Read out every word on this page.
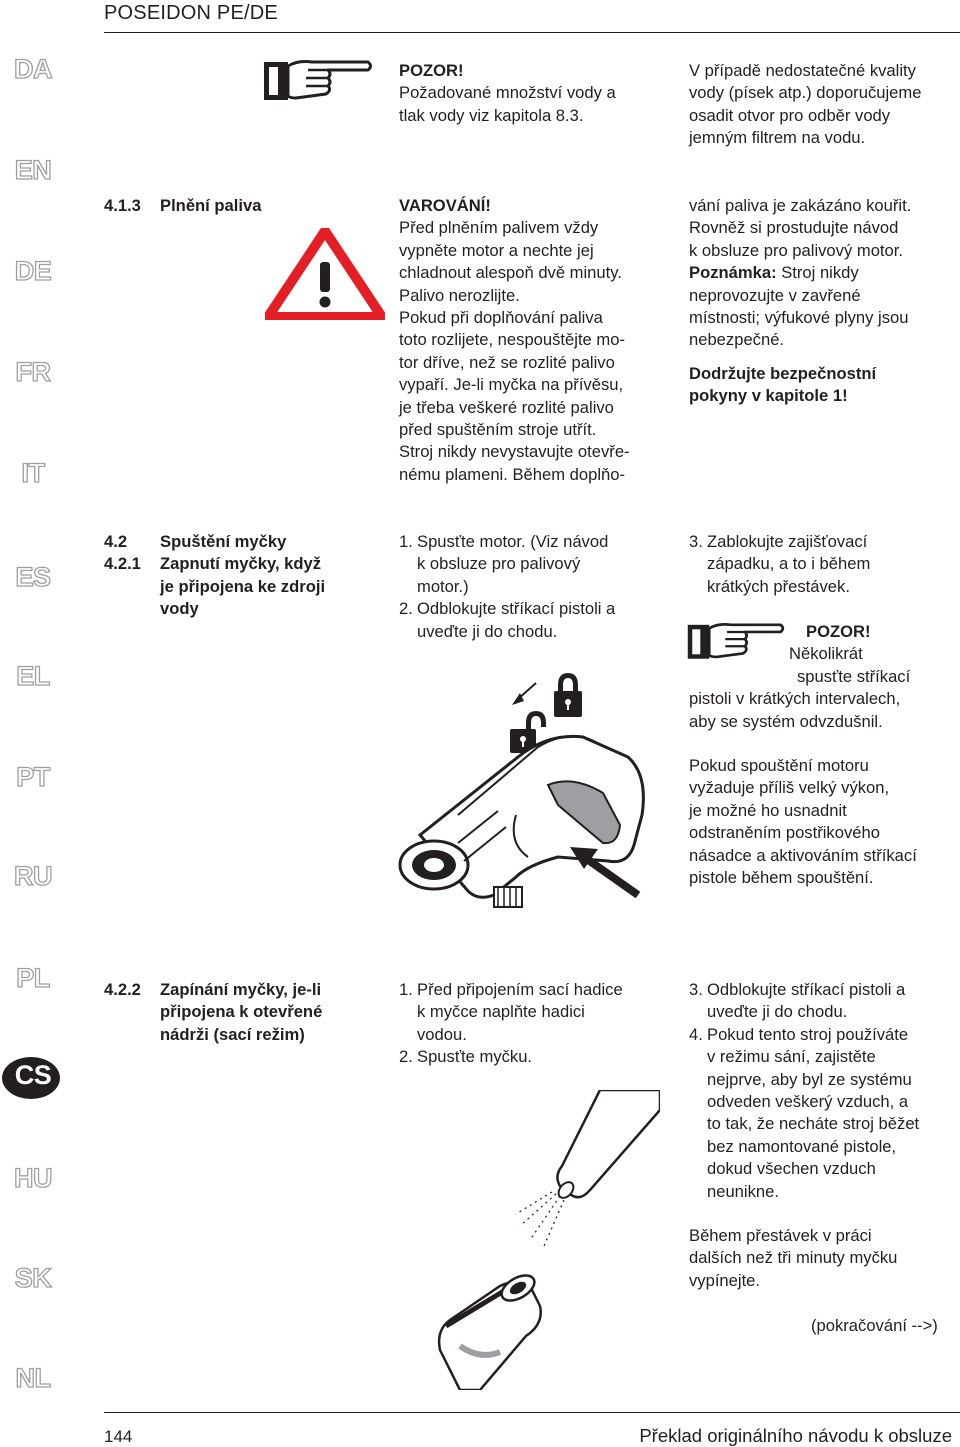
POSEIDON PE/DE
DA
EN
DE
FR
IT
ES
EL
PT
RU
PL
CS
HU
SK
NL

POZOR!

Požadované množství vody a

tlak vody viz kapitola 8.3.

V případě nedostatečné kvality

vody (písek atp.) doporučujeme

osadit otvor pro odběr vody

jemným filtrem na vodu.

4.1.3 Plnění paliva	VAROVÁNÍ!

Před plněním palivem vždy

vypněte motor a nechte jej

chladnout alespoň dvě minuty.

Palivo nerozlijte.

Pokud při doplňování paliva

toto rozlijete, nespouštějte mo-

tor dříve, než se rozlité palivo

vypaří. Je-li myčka na přívěsu,

je třeba veškeré rozlité palivo

před spuštěním stroje utřít.

Stroj nikdy nevystavujte otevře-

nému plameni. Během doplňo-

vání paliva je zakázáno kouřit.

Rovněž si prostudujte návod

k obsluze pro palivový motor.

Poznámka: Stroj nikdy

neprovozujte v zavřené

místnosti; výfukové plyny jsou

nebezpečné.

Dodržujte bezpečnostní

pokyny v kapitole 1!

4.2	Spuštění myčky
4.2.1	Zapnutí myčky, když
je připojena ke zdroji
vody
1. Spusťte motor. (Viz návod
k obsluze pro palivový
motor.)
2. Odblokujte stříkací pistoli a
uveďte ji do chodu.
3. Zablokujte zajišťovací
západku, a to i během
krátkých přestávek.

POZOR!

Několikrát

spusťte stříkací

pistoli v krátkých intervalech,

aby se systém odvzdušnil.

Pokud spouštění motoru

vyžaduje příliš velký výkon,

je možné ho usnadnit

odstraněním postřikového

násadce a aktivováním stříkací

pistole během spouštění.

4.2.2	Zapínání myčky, je-li
připojena k otevřené
nádrži (sací režim)
1. Před připojením sací hadice
k myčce naplňte hadici
vodou.
2. Spusťte myčku.
3. Odblokujte stříkací pistoli a
uveďte ji do chodu.
4. Pokud tento stroj používáte
v režimu sání, zajistěte
nejprve, aby byl ze systému
odveden veškerý vzduch, a
to tak, že necháte stroj běžet
bez namontované pistole,
dokud všechen vzduch
neunikne.

Během přestávek v práci

dalších než tři minuty myčku

vypínejte.

(pokračování -->)
144	Překlad originálního návodu k obsluze
